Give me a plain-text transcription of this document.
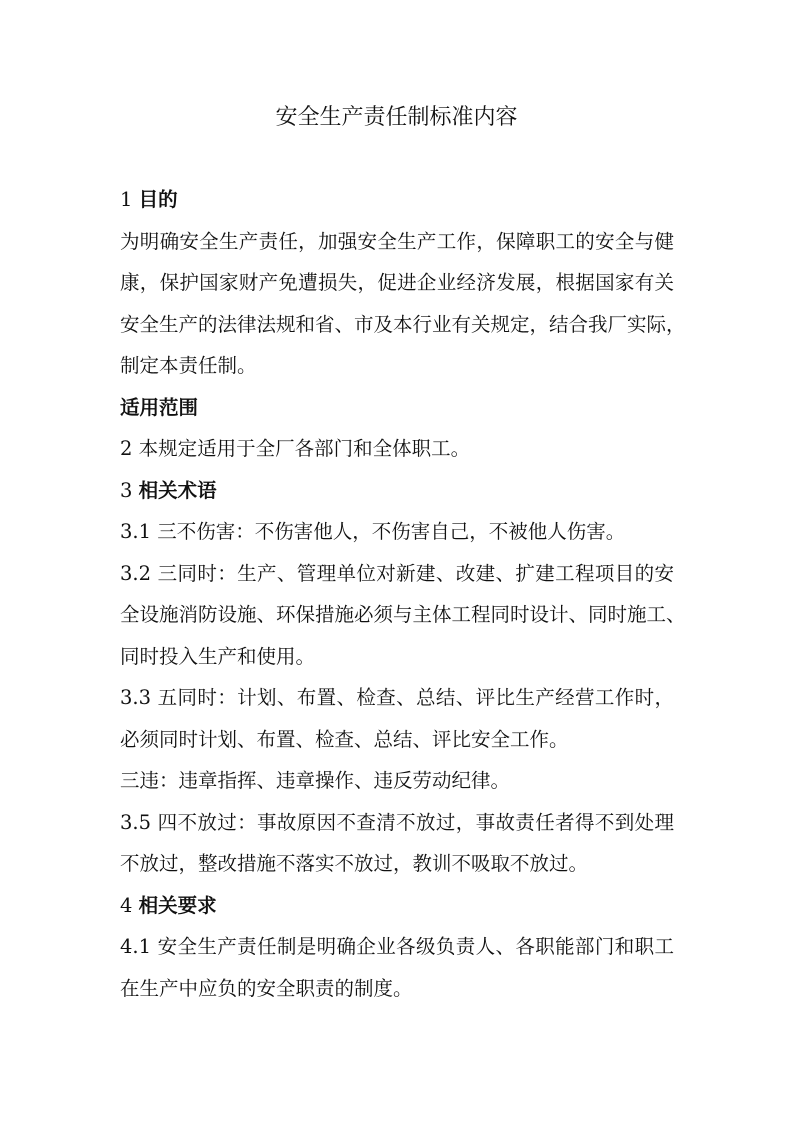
安全生产责任制标准内容
1 目的
为明确安全生产责任，加强安全生产工作，保障职工的安全与健
康，保护国家财产免遭损失，促进企业经济发展，根据国家有关
安全生产的法律法规和省、市及本行业有关规定，结合我厂实际，
制定本责任制。
适用范围
2 本规定适用于全厂各部门和全体职工。
3 相关术语
3.1 三不伤害：不伤害他人，不伤害自己，不被他人伤害。
3.2 三同时：生产、管理单位对新建、改建、扩建工程项目的安
全设施消防设施、环保措施必须与主体工程同时设计、同时施工、
同时投入生产和使用。
3.3 五同时：计划、布置、检查、总结、评比生产经营工作时，
必须同时计划、布置、检查、总结、评比安全工作。
三违：违章指挥、违章操作、违反劳动纪律。
3.5 四不放过：事故原因不查清不放过，事故责任者得不到处理
不放过，整改措施不落实不放过，教训不吸取不放过。
4 相关要求
4.1 安全生产责任制是明确企业各级负责人、各职能部门和职工
在生产中应负的安全职责的制度。
